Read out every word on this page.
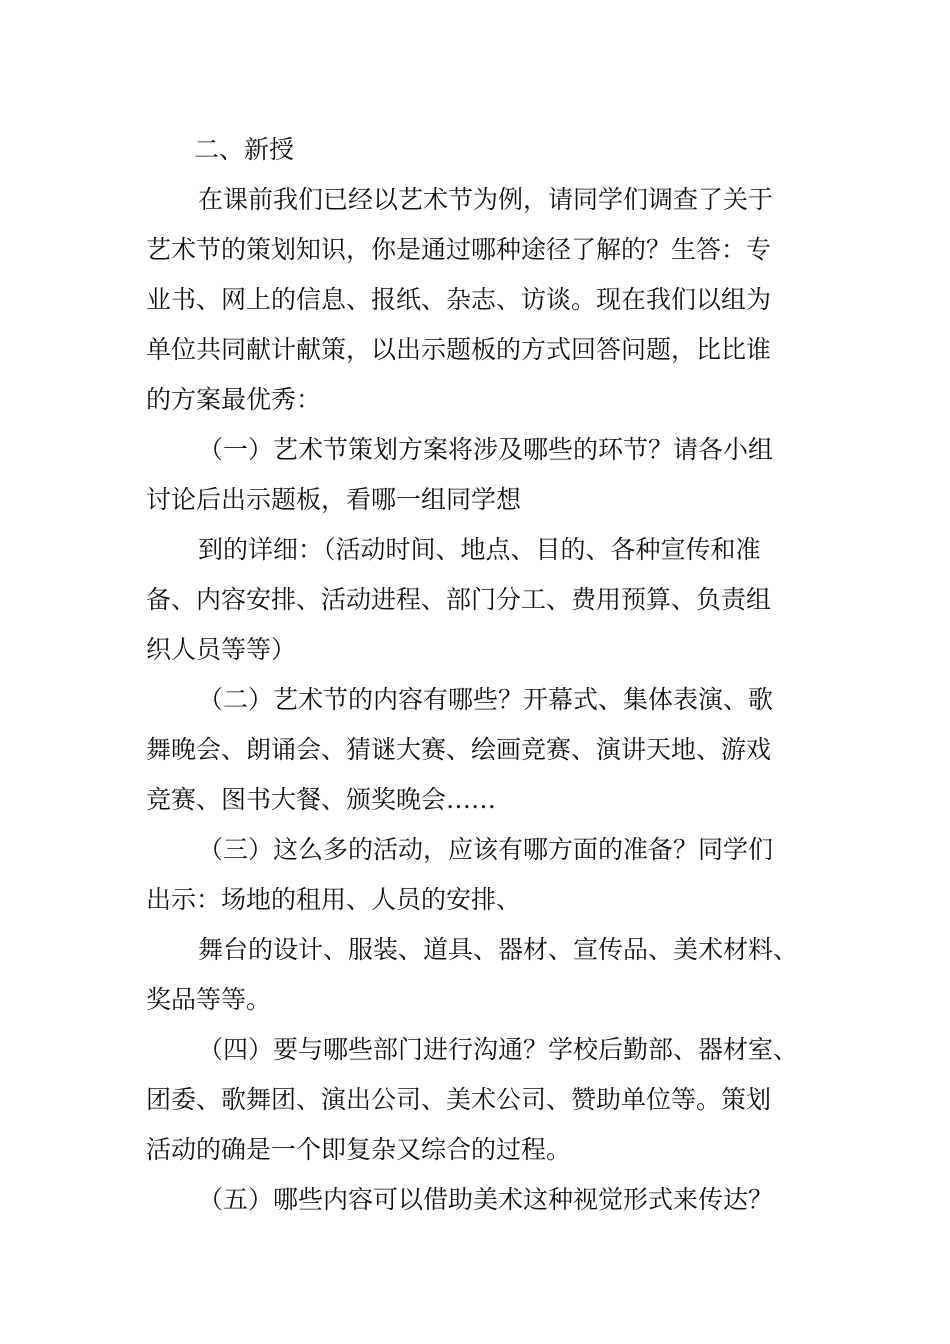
二、新授

在课前我们已经以艺术节为例，请同学们调查了关于

艺术节的策划知识，你是通过哪种途径了解的？生答：专

业书、网上的信息、报纸、杂志、访谈。现在我们以组为

单位共同献计献策，以出示题板的方式回答问题，比比谁

的方案最优秀：

（一）艺术节策划方案将涉及哪些的环节？请各小组

讨论后出示题板，看哪一组同学想

到的详细：（活动时间、地点、目的、各种宣传和准

备、内容安排、活动进程、部门分工、费用预算、负责组

织人员等等）

（二）艺术节的内容有哪些？开幕式、集体表演、歌

舞晚会、朗诵会、猜谜大赛、绘画竞赛、演讲天地、游戏

竞赛、图书大餐、颁奖晚会……

（三）这么多的活动，应该有哪方面的准备？同学们

出示：场地的租用、人员的安排、

舞台的设计、服装、道具、器材、宣传品、美术材料、

奖品等等。

（四）要与哪些部门进行沟通？学校后勤部、器材室、

团委、歌舞团、演出公司、美术公司、赞助单位等。策划

活动的确是一个即复杂又综合的过程。

（五）哪些内容可以借助美术这种视觉形式来传达？
